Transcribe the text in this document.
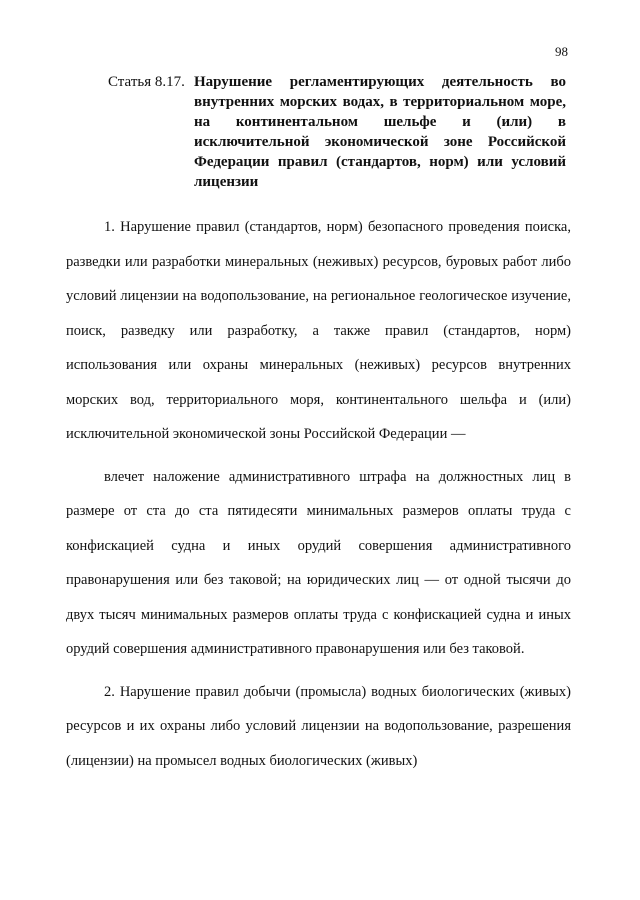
98
Статья 8.17. Нарушение регламентирующих деятельность во внутренних морских водах, в территориальном море, на континентальном шельфе и (или) в исключительной экономической зоне Российской Федерации правил (стандартов, норм) или условий лицензии

1. Нарушение правил (стандартов, норм) безопасного проведения поиска, разведки или разработки минеральных (неживых) ресурсов, буровых работ либо условий лицензии на водопользование, на региональное геологическое изучение, поиск, разведку или разработку, а также правил (стандартов, норм) использования или охраны минеральных (неживых) ресурсов внутренних морских вод, территориального моря, континентального шельфа и (или) исключительной экономической зоны Российской Федерации —

влечет наложение административного штрафа на должностных лиц в размере от ста до ста пятидесяти минимальных размеров оплаты труда с конфискацией судна и иных орудий совершения административного правонарушения или без таковой; на юридических лиц — от одной тысячи до двух тысяч минимальных размеров оплаты труда с конфискацией судна и иных орудий совершения административного правонарушения или без таковой.

2. Нарушение правил добычи (промысла) водных биологических (живых) ресурсов и их охраны либо условий лицензии на водопользование, разрешения (лицензии) на промысел водных биологических (живых)
